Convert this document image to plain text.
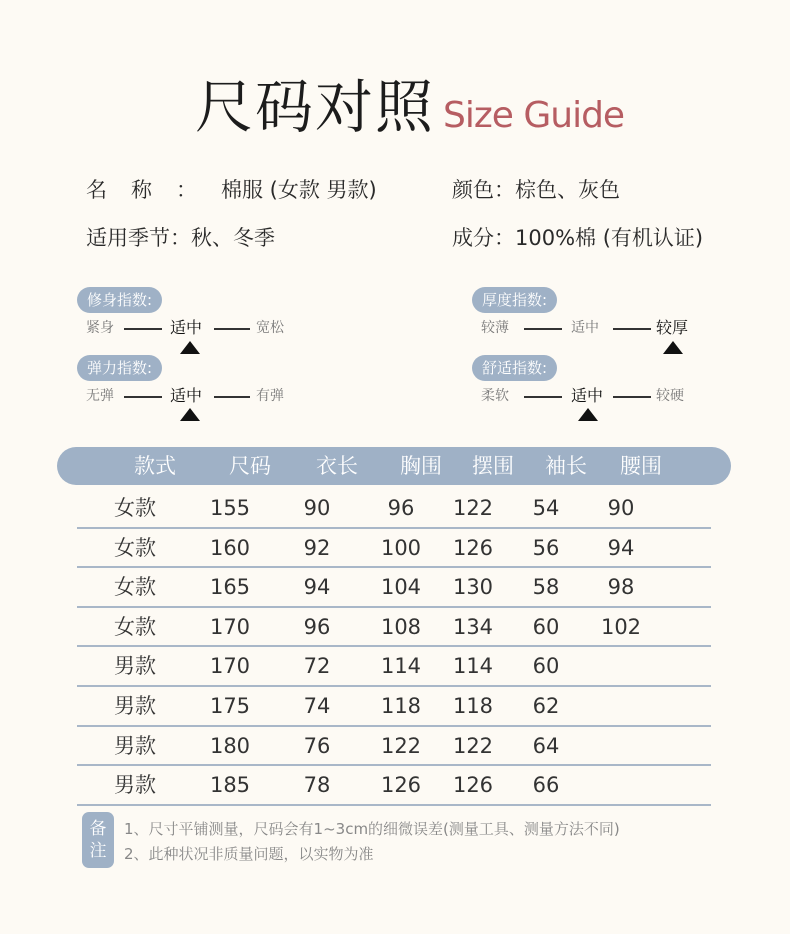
尺码对照 Size Guide
名称：棉服 (女款 男款)	颜色：棕色、灰色
适用季节：秋、冬季	成分：100%棉 (有机认证)
修身指数:
紧身	适中	宽松
弹力指数:
无弹	适中	有弹
厚度指数:
较薄	适中	较厚
舒适指数:
柔软	适中	较硬
款式	尺码	衣长	胸围	摆围	袖长	腰围
女款	155	90	96	122	54	90
女款	160	92	100	126	56	94
女款	165	94	104	130	58	98
女款	170	96	108	134	60	102
男款	170	72	114	114	60
男款	175	74	118	118	62
男款	180	76	122	122	64
男款	185	78	126	126	66
备
注
1、尺寸平铺测量，尺码会有1~3cm的细微误差(测量工具、测量方法不同)
2、此种状况非质量问题，以实物为准
